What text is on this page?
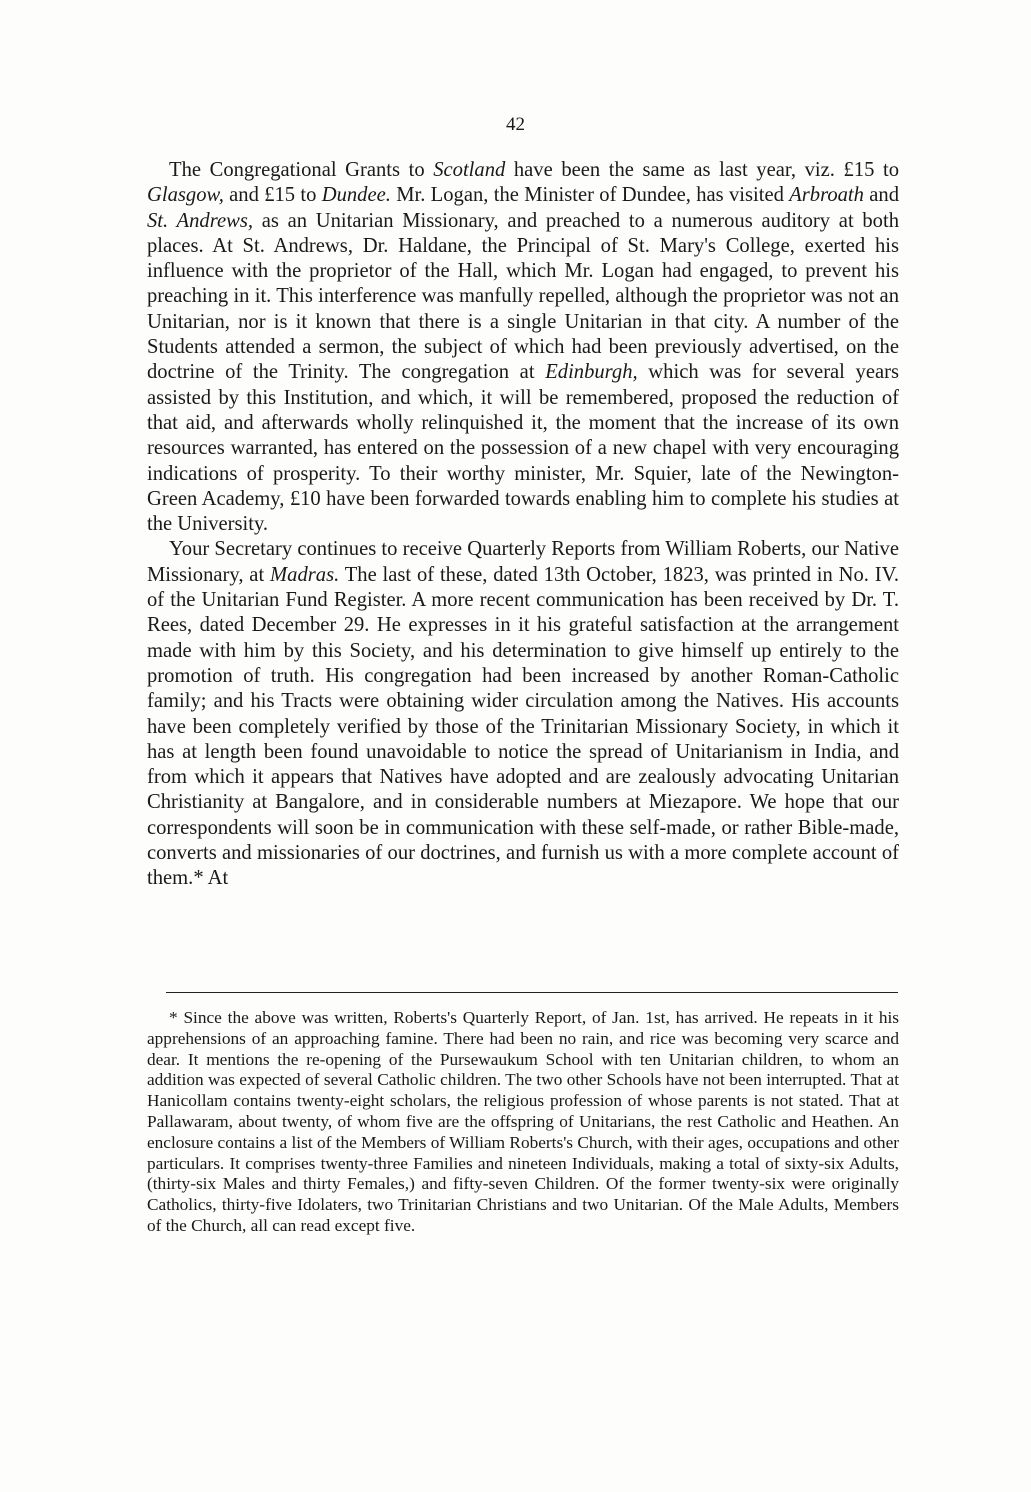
42

The Congregational Grants to Scotland have been the same as last year, viz. £15 to Glasgow, and £15 to Dundee. Mr. Logan, the Minister of Dundee, has visited Arbroath and St. Andrews, as an Unitarian Missionary, and preached to a numerous auditory at both places. At St. Andrews, Dr. Haldane, the Principal of St. Mary's College, exerted his influence with the proprietor of the Hall, which Mr. Logan had engaged, to prevent his preaching in it. This interference was manfully repelled, although the proprietor was not an Unitarian, nor is it known that there is a single Unitarian in that city. A number of the Students attended a sermon, the subject of which had been previously advertised, on the doctrine of the Trinity. The congregation at Edinburgh, which was for several years assisted by this Institution, and which, it will be remembered, proposed the reduction of that aid, and afterwards wholly relinquished it, the moment that the increase of its own resources warranted, has entered on the possession of a new chapel with very encouraging indications of prosperity. To their worthy minister, Mr. Squier, late of the Newington-Green Academy, £10 have been forwarded towards enabling him to complete his studies at the University.

Your Secretary continues to receive Quarterly Reports from William Roberts, our Native Missionary, at Madras. The last of these, dated 13th October, 1823, was printed in No. IV. of the Unitarian Fund Register. A more recent communication has been received by Dr. T. Rees, dated December 29. He expresses in it his grateful satisfaction at the arrangement made with him by this Society, and his determination to give himself up entirely to the promotion of truth. His congregation had been increased by another Roman-Catholic family; and his Tracts were obtaining wider circulation among the Natives. His accounts have been completely verified by those of the Trinitarian Missionary Society, in which it has at length been found unavoidable to notice the spread of Unitarianism in India, and from which it appears that Natives have adopted and are zealously advocating Unitarian Christianity at Bangalore, and in considerable numbers at Miezapore. We hope that our correspondents will soon be in communication with these self-made, or rather Bible-made, converts and missionaries of our doctrines, and furnish us with a more complete account of them.* At

* Since the above was written, Roberts's Quarterly Report, of Jan. 1st, has arrived. He repeats in it his apprehensions of an approaching famine. There had been no rain, and rice was becoming very scarce and dear. It mentions the re-opening of the Pursewaukum School with ten Unitarian children, to whom an addition was expected of several Catholic children. The two other Schools have not been interrupted. That at Hanicollam contains twenty-eight scholars, the religious profession of whose parents is not stated. That at Pallawaram, about twenty, of whom five are the offspring of Unitarians, the rest Catholic and Heathen. An enclosure contains a list of the Members of William Roberts's Church, with their ages, occupations and other particulars. It comprises twenty-three Families and nineteen Individuals, making a total of sixty-six Adults, (thirty-six Males and thirty Females,) and fifty-seven Children. Of the former twenty-six were originally Catholics, thirty-five Idolaters, two Trinitarian Christians and two Unitarian. Of the Male Adults, Members of the Church, all can read except five.
